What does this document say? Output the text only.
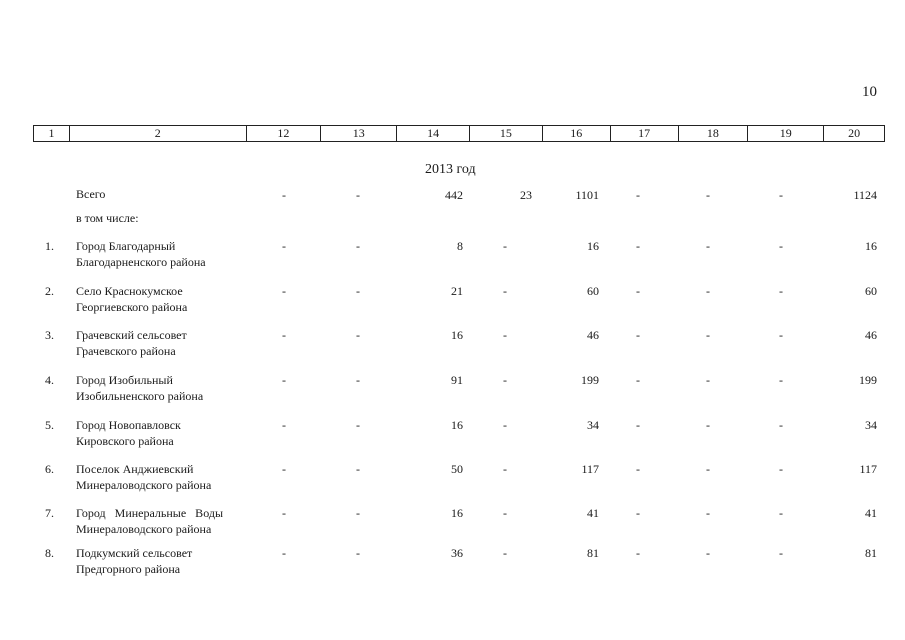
10
1	2	12	13	14	15	16	17	18	19	20
2013 год
Всего	-	-	442	23	1101	-	-	-	1124
в том числе:
1. Город Благодарный
Благодарненского района
-	-	8	-	16	-	-	-	16
2. Село Краснокумское
Георгиевского района
-	-	21	-	60	-	-	-	60
3. Грачевский сельсовет
Грачевского района
-	-	16	-	46	-	-	-	46
4. Город Изобильный
Изобильненского района
-	-	91	-	199	-	-	-	199
5. Город Новопавловск
Кировского района
-	-	16	-	34	-	-	-	34
6. Поселок Анджиевский
Минераловодского района
-	-	50	-	117	-	-	-	117
7. Город   Минеральные   Воды
Минераловодского района
-	-	16	-	41	-	-	-	41
8. Подкумский сельсовет
Предгорного района
-	-	36	-	81	-	-	-	81
